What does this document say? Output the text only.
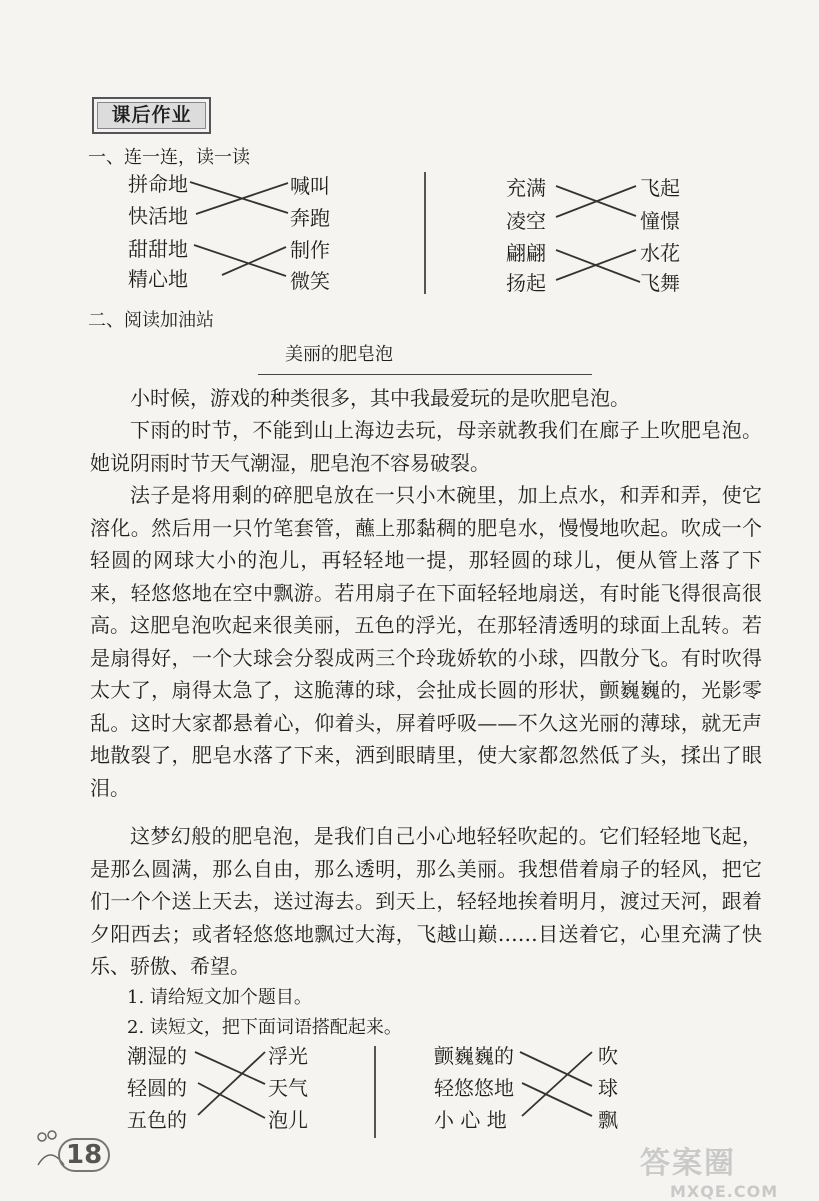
课后作业
一、连一连，读一读
拼命地
快活地
甜甜地
精心地
喊叫
奔跑
制作
微笑
充满
凌空
翩翩
扬起
飞起
憧憬
水花
飞舞
二、阅读加油站
美丽的肥皂泡

小时候，游戏的种类很多，其中我最爱玩的是吹肥皂泡。

下雨的时节，不能到山上海边去玩，母亲就教我们在廊子上吹肥皂泡。她说阴雨时节天气潮湿，肥皂泡不容易破裂。

法子是将用剩的碎肥皂放在一只小木碗里，加上点水，和弄和弄，使它溶化。然后用一只竹笔套管，蘸上那黏稠的肥皂水，慢慢地吹起。吹成一个轻圆的网球大小的泡儿，再轻轻地一提，那轻圆的球儿，便从管上落了下来，轻悠悠地在空中飘游。若用扇子在下面轻轻地扇送，有时能飞得很高很高。 这肥皂泡吹起来很美丽，五色的浮光，在那轻清透明的球面上乱转。若是扇得好，一个大球会分裂成两三个玲珑娇软的小球，四散分飞。有时吹得太大了，扇得太急了，这脆薄的球，会扯成长圆的形状，颤巍巍的，光影零乱。这时大家都悬着心，仰着头，屏着呼吸——不久这光丽的薄球，就无声地散裂了，肥皂水落了下来，洒到眼睛里，使大家都忽然低了头，揉出了眼泪。

这梦幻般的肥皂泡，是我们自己小心地轻轻吹起的。它们轻轻地飞起，是那么圆满，那么自由，那么透明，那么美丽。我想借着扇子的轻风，把它们一个个送上天去，送过海去。到天上，轻轻地挨着明月，渡过天河，跟着夕阳西去；或者轻悠悠地飘过大海，飞越山巅……目送着它，心里充满了快乐、骄傲、希望。

1. 请给短文加个题目。
2. 读短文，把下面词语搭配起来。
潮湿的
轻圆的
五色的
浮光
天气
泡儿
颤巍巍的
轻悠悠地
小 心 地
吹
球
飘
18	答案圈
MXQE.COM
